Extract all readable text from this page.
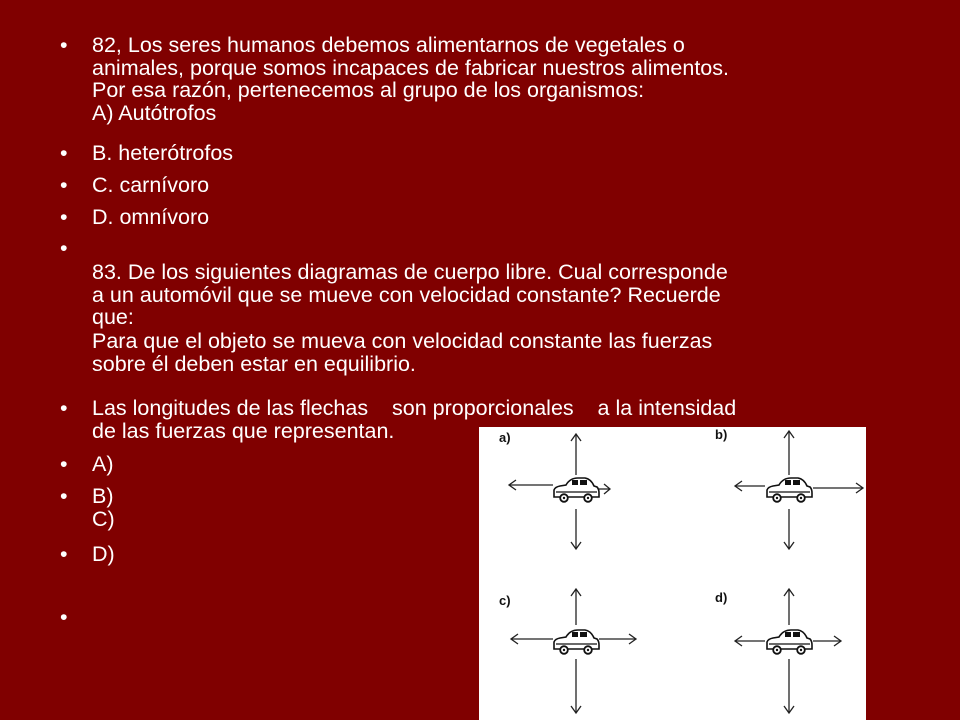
• 82, Los seres humanos debemos alimentarnos de vegetales o
animales, porque somos incapaces de fabricar nuestros alimentos.
Por esa razón, pertenecemos al grupo de los organismos:
A) Autótrofos
• B. heterótrofos
• C. carnívoro
• D. omnívoro
•
83. De los siguientes diagramas de cuerpo libre. Cual corresponde
a un automóvil que se mueve con velocidad constante? Recuerde
que:
Para que el objeto se mueva con velocidad constante las fuerzas
sobre él deben estar en equilibrio.
• Las longitudes de las flechas    son proporcionales    a la intensidad
de las fuerzas que representan.
• A)
• B)
C)
• D)
•
a)	b)
c)	d)
